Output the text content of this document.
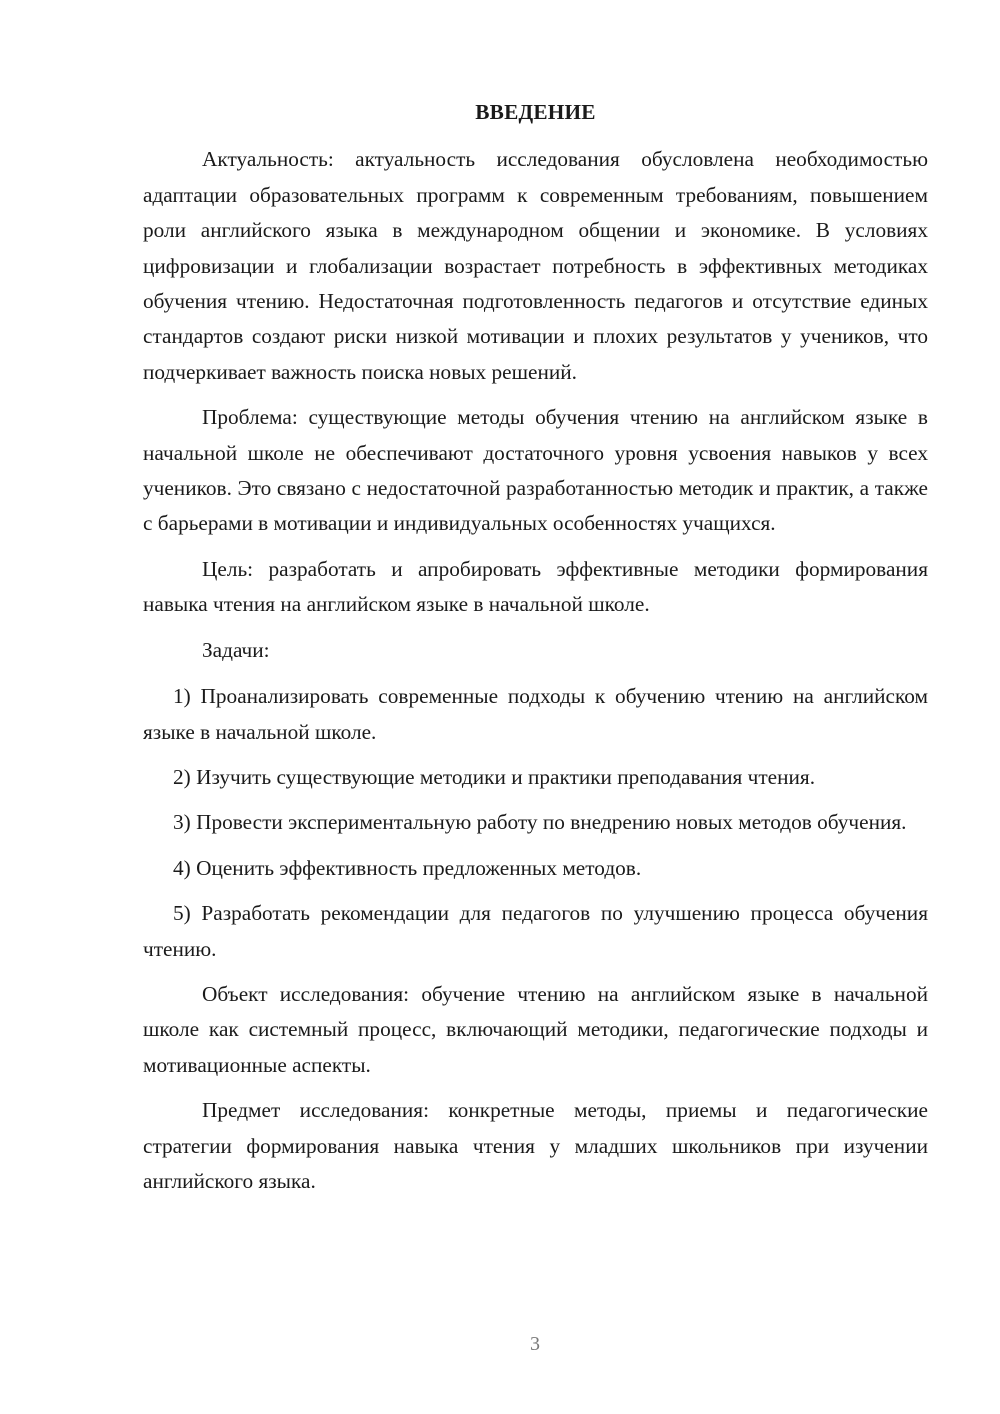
ВВЕДЕНИЕ

Актуальность: актуальность исследования обусловлена необходимостью адаптации образовательных программ к современным требованиям, повышением роли английского языка в международном общении и экономике. В условиях цифровизации и глобализации возрастает потребность в эффективных методиках обучения чтению. Недостаточная подготовленность педагогов и отсутствие единых стандартов создают риски низкой мотивации и плохих результатов у учеников, что подчеркивает важность поиска новых решений.

Проблема: существующие методы обучения чтению на английском языке в начальной школе не обеспечивают достаточного уровня усвоения навыков у всех учеников. Это связано с недостаточной разработанностью методик и практик, а также с барьерами в мотивации и индивидуальных особенностях учащихся.

Цель: разработать и апробировать эффективные методики формирования навыка чтения на английском языке в начальной школе.

Задачи:

1) Проанализировать современные подходы к обучению чтению на английском языке в начальной школе.

2) Изучить существующие методики и практики преподавания чтения.

3) Провести экспериментальную работу по внедрению новых методов обучения.

4) Оценить эффективность предложенных методов.

5) Разработать рекомендации для педагогов по улучшению процесса обучения чтению.

Объект исследования: обучение чтению на английском языке в начальной школе как системный процесс, включающий методики, педагогические подходы и мотивационные аспекты.

Предмет исследования: конкретные методы, приемы и педагогические стратегии формирования навыка чтения у младших школьников при изучении английского языка.

3
